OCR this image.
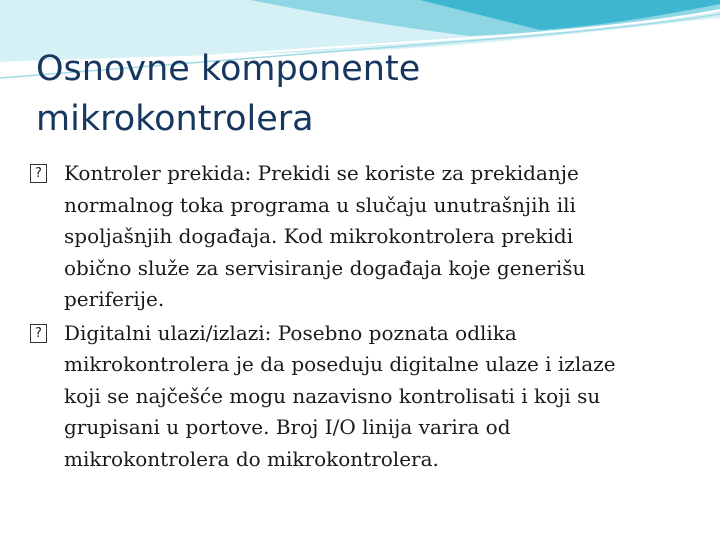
Osnovne komponente
mikrokontrolera
? Kontroler prekida: Prekidi se koriste za prekidanje
normalnog toka programa u slučaju unutrašnjih ili
spoljašnjih događaja. Kod mikrokontrolera prekidi
obično služe za servisiranje događaja koje generišu
periferije.
? Digitalni ulazi/izlazi: Posebno poznata odlika
mikrokontrolera je da poseduju digitalne ulaze i izlaze
koji se najčešće mogu nazavisno kontrolisati i koji su
grupisani u portove. Broj I/O linija varira od
mikrokontrolera do mikrokontrolera.
